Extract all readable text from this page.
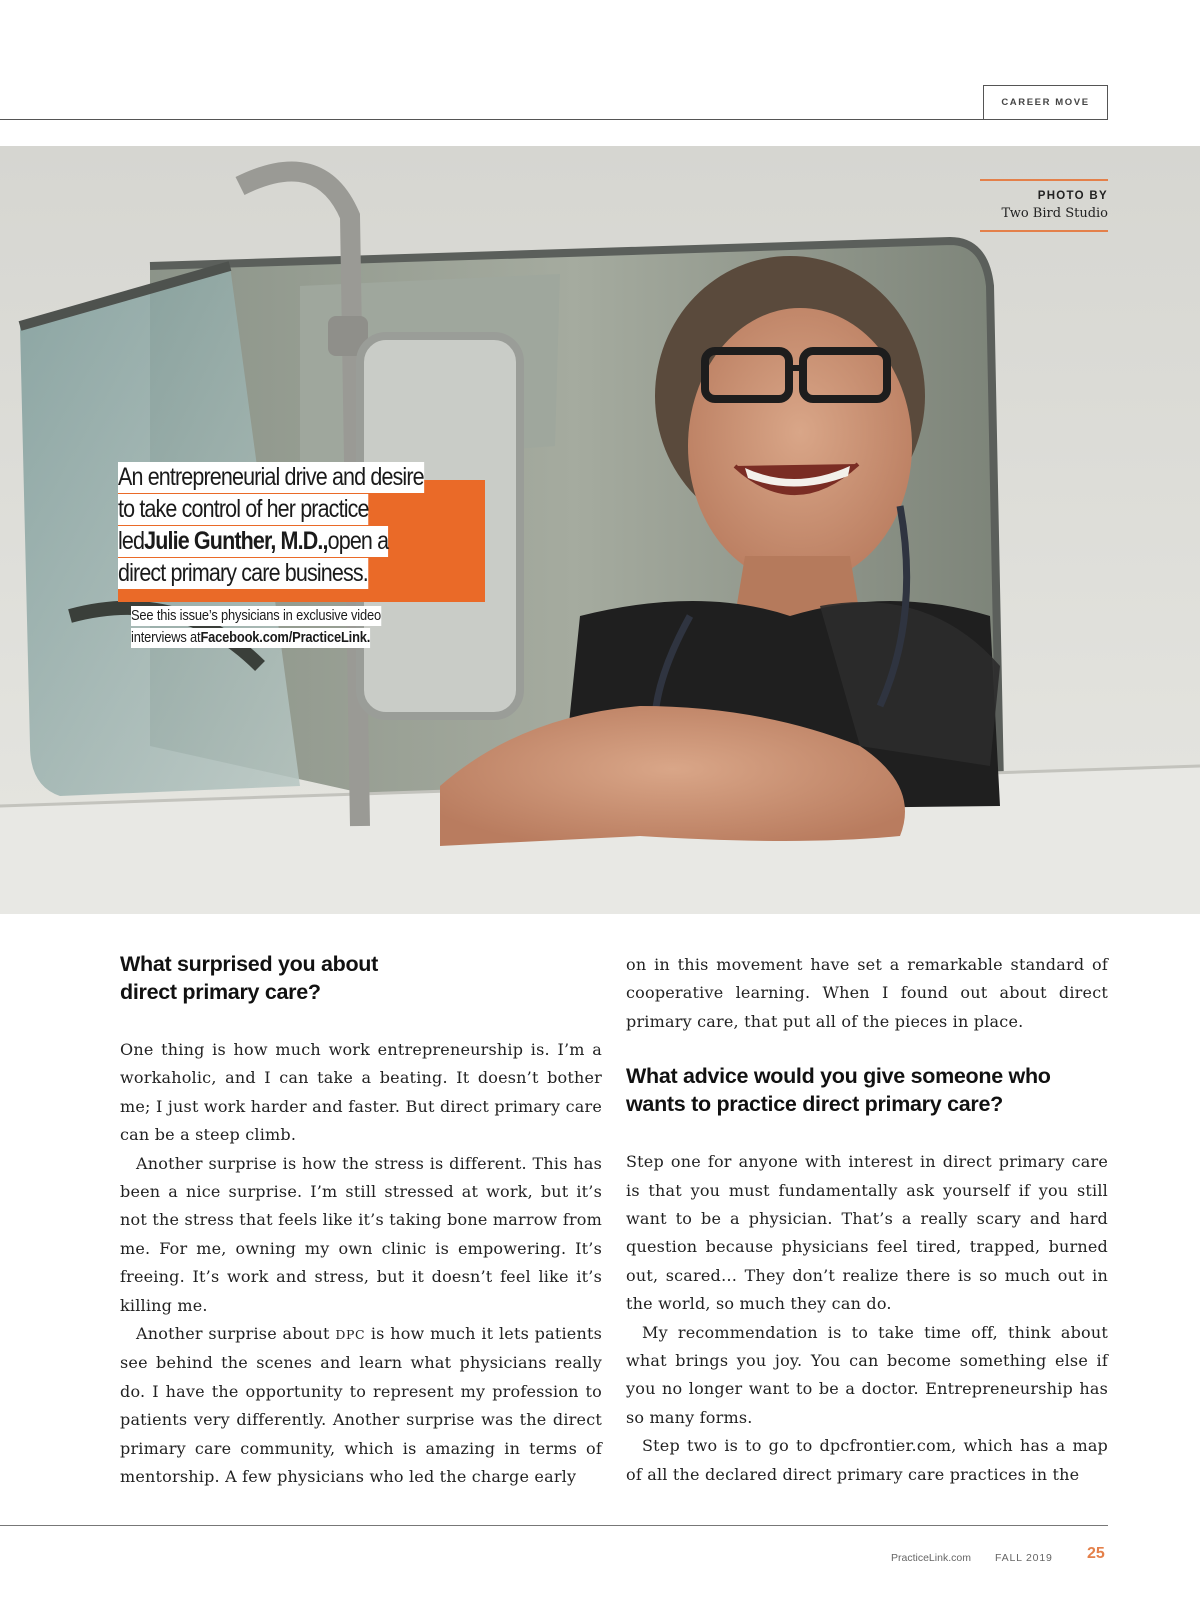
CAREER MOVE
PHOTO BY
Two Bird Studio
An entrepreneurial drive and desire
to take control of her practice
ledJulie Gunther, M.D.,open a
direct primary care business.
See this issue’s physicians in exclusive video
interviews atFacebook.com/PracticeLink.
What surprised you about direct primary care?

One thing is how much work entrepreneurship is. I’m a workaholic, and I can take a beating. It doesn’t bother me; I just work harder and faster. But direct primary care can be a steep climb.

Another surprise is how the stress is different. This has been a nice surprise. I’m still stressed at work, but it’s not the stress that feels like it’s taking bone marrow from me. For me, owning my own clinic is empowering. It’s freeing. It’s work and stress, but it doesn’t feel like it’s killing me.

Another surprise about DPC is how much it lets patients see behind the scenes and learn what physicians really do. I have the opportunity to represent my profession to patients very differently. Another surprise was the direct primary care community, which is amazing in terms of mentorship. A few physicians who led the charge early

on in this movement have set a remarkable standard of cooperative learning. When I found out about direct primary care, that put all of the pieces in place.

What advice would you give someone who wants to practice direct primary care?

Step one for anyone with interest in direct primary care is that you must fundamentally ask yourself if you still want to be a physician. That’s a really scary and hard question because physicians feel tired, trapped, burned out, scared… They don’t realize there is so much out in the world, so much they can do.

My recommendation is to take time off, think about what brings you joy. You can become something else if you no longer want to be a doctor. Entrepreneurship has so many forms.

Step two is to go to dpcfrontier.com, which has a map of all the declared direct primary care practices in the

PracticeLink.com FALL 2019 25
